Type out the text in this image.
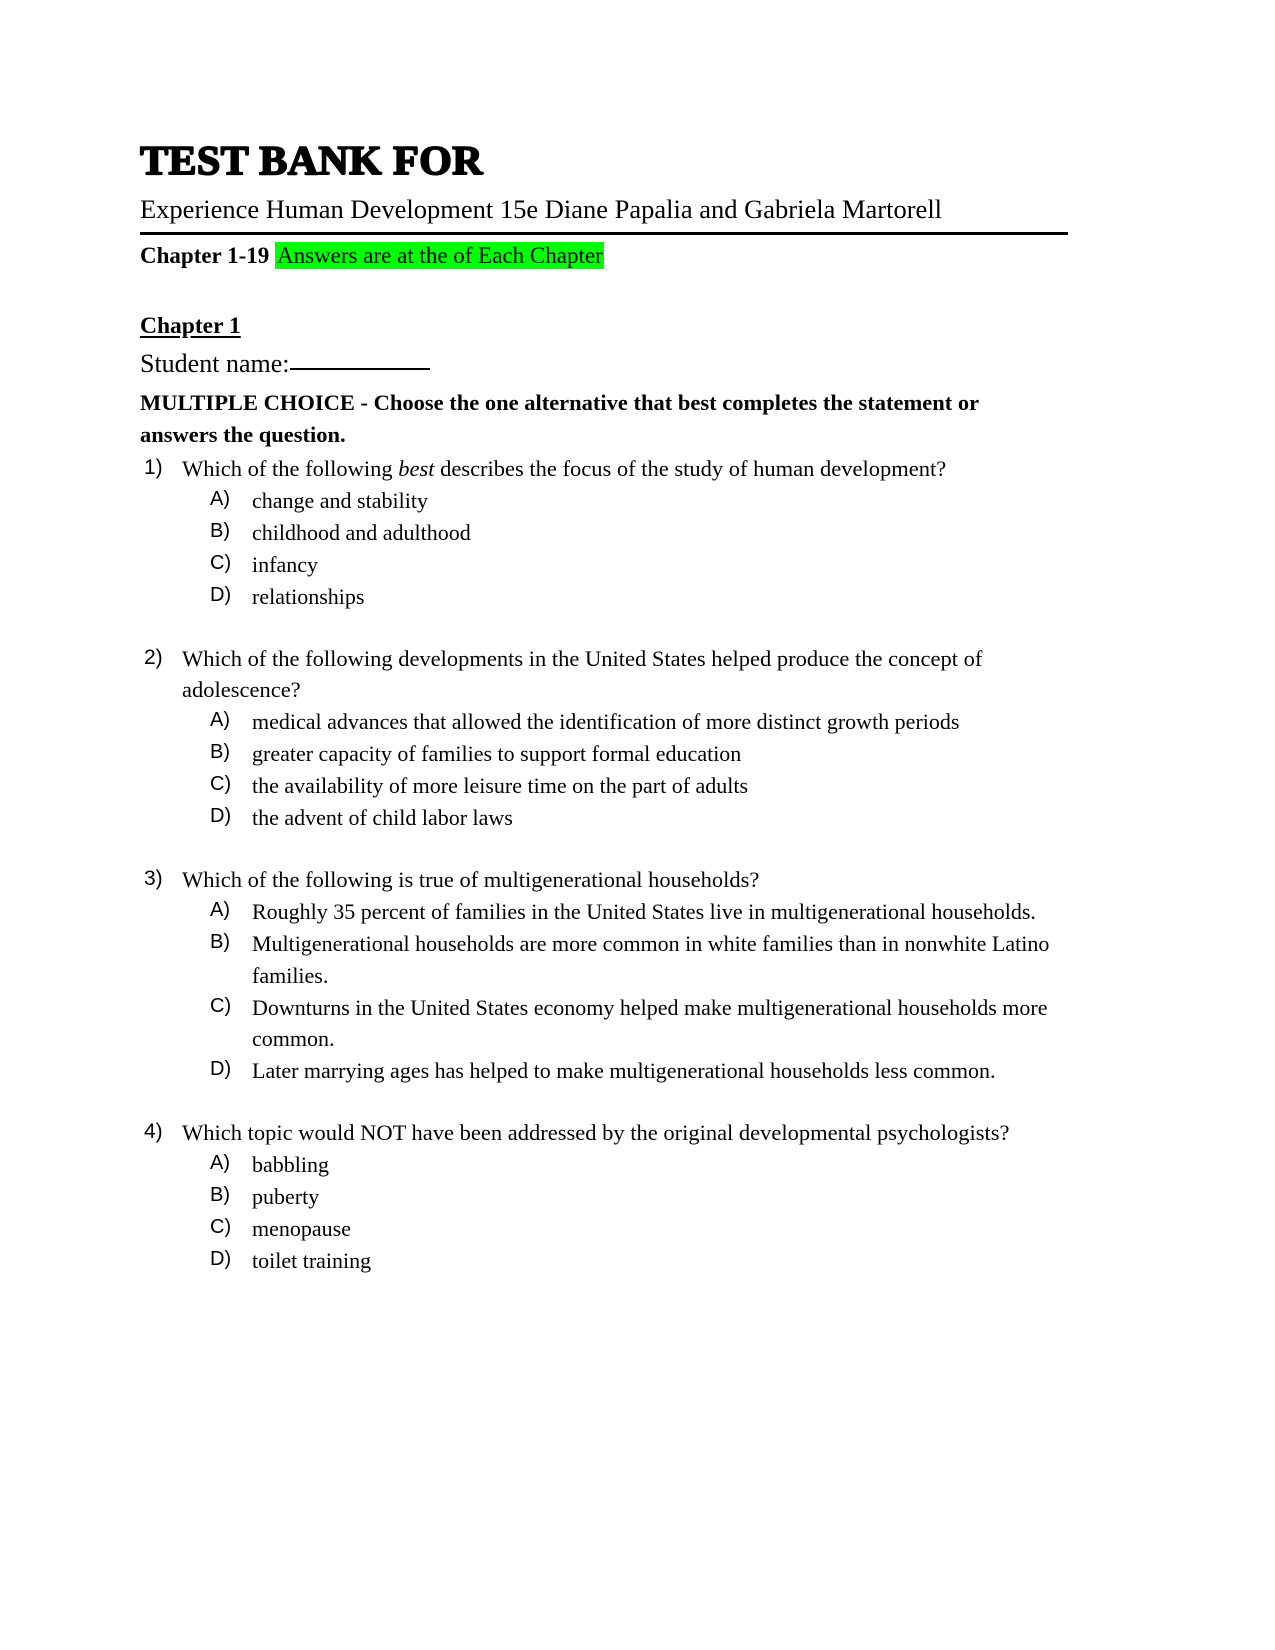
TEST BANK FOR
Experience Human Development 15e Diane Papalia and Gabriela Martorell
Chapter 1-19 Answers are at the of Each Chapter
Chapter 1
Student name:
MULTIPLE CHOICE - Choose the one alternative that best completes the statement or answers the question.
1) Which of the following best describes the focus of the study of human development?
A) change and stability
B) childhood and adulthood
C) infancy
D) relationships
2) Which of the following developments in the United States helped produce the concept of adolescence?
A) medical advances that allowed the identification of more distinct growth periods
B) greater capacity of families to support formal education
C) the availability of more leisure time on the part of adults
D) the advent of child labor laws
3) Which of the following is true of multigenerational households?
A) Roughly 35 percent of families in the United States live in multigenerational households.
B) Multigenerational households are more common in white families than in nonwhite Latino families.
C) Downturns in the United States economy helped make multigenerational households more common.
D) Later marrying ages has helped to make multigenerational households less common.
4) Which topic would NOT have been addressed by the original developmental psychologists?
A) babbling
B) puberty
C) menopause
D) toilet training
